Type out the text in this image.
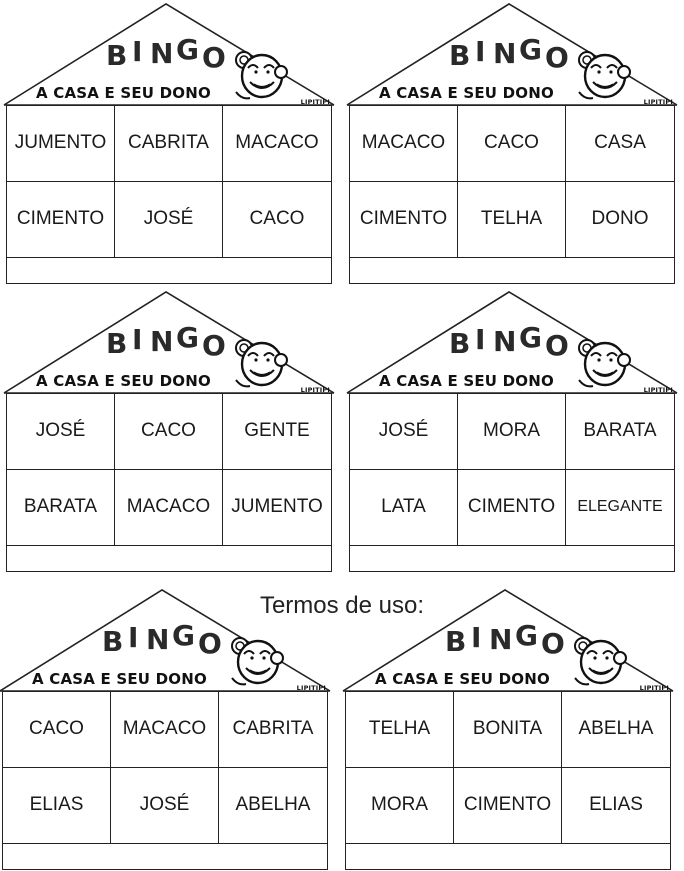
B I N G O
A CASA E SEU DONO	LIPITIPI
JUMENTO	CABRITA	MACACO
CIMENTO	JOSÉ	CACO
B I N G O
A CASA E SEU DONO	LIPITIPI
MACACO	CACO	CASA
CIMENTO	TELHA	DONO
B I N G O
A CASA E SEU DONO	LIPITIPI
JOSÉ	CACO	GENTE
BARATA	MACACO	JUMENTO
B I N G O
A CASA E SEU DONO	LIPITIPI
JOSÉ	MORA	BARATA
LATA	CIMENTO	ELEGANTE
B I N G O
A CASA E SEU DONO	LIPITIPI
CACO	MACACO	CABRITA
ELIAS	JOSÉ	ABELHA
B I N G O
A CASA E SEU DONO	LIPITIPI
TELHA	BONITA	ABELHA
MORA	CIMENTO	ELIAS
Termos de uso:
